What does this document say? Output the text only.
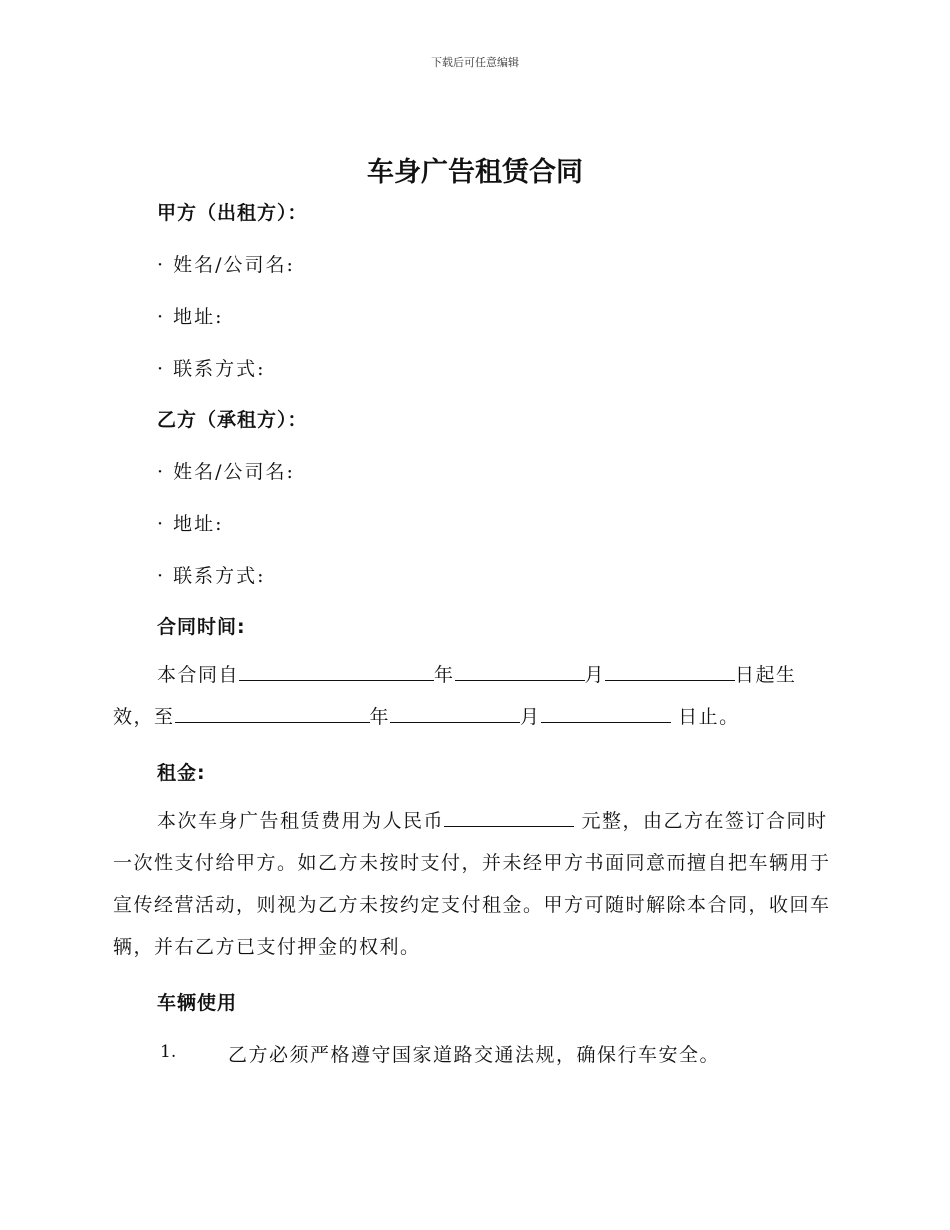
下载后可任意编辑
车身广告租赁合同
甲方（出租方）：
· 姓名/公司名:
· 地址:
· 联系方式:
乙方（承租方）：
· 姓名/公司名:
· 地址:
· 联系方式:
合同时间:
本合同自	年	月	日起生
效，至	年	月	日止。
租金:
本次车身广告租赁费用为人民币	元整，由乙方在签订合同时一次性支付给甲方。如乙方未按时支付，并未经甲方书面同意而擅自把车辆用于宣传经营活动，则视为乙方未按约定支付租金。甲方可随时解除本合同，收回车辆，并右乙方已支付押金的权利。
车辆使用
1.	乙方必须严格遵守国家道路交通法规，确保行车安全。
